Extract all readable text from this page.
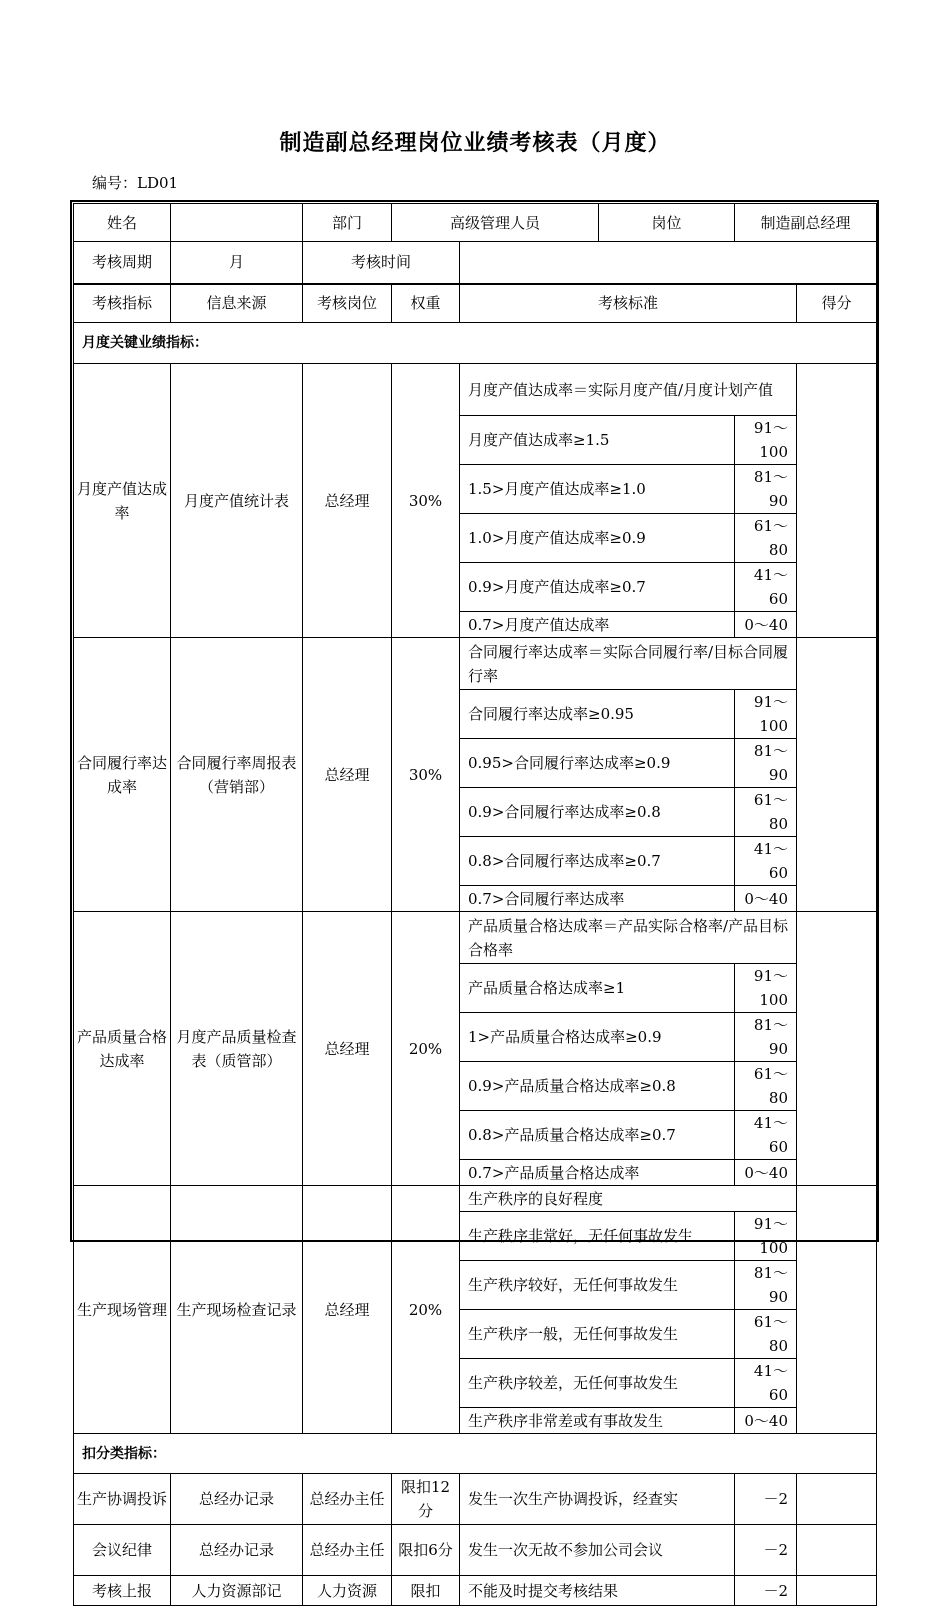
制造副总经理岗位业绩考核表（月度）
编号：LD01
姓名		部门	高级管理人员		岗位	制造副总经理	
考核周期	月	考核时间					
考核指标	信息来源	考核岗位	权重	考核标准			得分
月度关键业绩指标：							
月度产值达成率	月度产值统计表	总经理	30%	月度产值达成率＝实际月度产值/月度计划产值			
				月度产值达成率≥1.5		91～100	
				1.5>月度产值达成率≥1.0		81～90	
				1.0>月度产值达成率≥0.9		61～80	
				0.9>月度产值达成率≥0.7		41～60	
				0.7>月度产值达成率		0～40	
合同履行率达成率	合同履行率周报表（营销部）	总经理	30%	合同履行率达成率＝实际合同履行率/目标合同履行率			
				合同履行率达成率≥0.95		91～100	
				0.95>合同履行率达成率≥0.9		81～90	
				0.9>合同履行率达成率≥0.8		61～80	
				0.8>合同履行率达成率≥0.7		41～60	
				0.7>合同履行率达成率		0～40	
产品质量合格达成率	月度产品质量检查表（质管部）	总经理	20%	产品质量合格达成率＝产品实际合格率/产品目标合格率			
				产品质量合格达成率≥1		91～100	
				1>产品质量合格达成率≥0.9		81～90	
				0.9>产品质量合格达成率≥0.8		61～80	
				0.8>产品质量合格达成率≥0.7		41～60	
				0.7>产品质量合格达成率		0～40	
生产现场管理	生产现场检查记录	总经理	20%	生产秩序的良好程度			
				生产秩序非常好，无任何事故发生		91～100	
				生产秩序较好，无任何事故发生		81～90	
				生产秩序一般，无任何事故发生		61～80	
				生产秩序较差，无任何事故发生		41～60	
				生产秩序非常差或有事故发生		0～40	
扣分类指标：							
生产协调投诉	总经办记录	总经办主任	限扣12分	发生一次生产协调投诉，经查实		－2	
会议纪律	总经办记录	总经办主任	限扣6分	发生一次无故不参加公司会议		－2	
考核上报	人力资源部记	人力资源	限扣	不能及时提交考核结果		－2	
